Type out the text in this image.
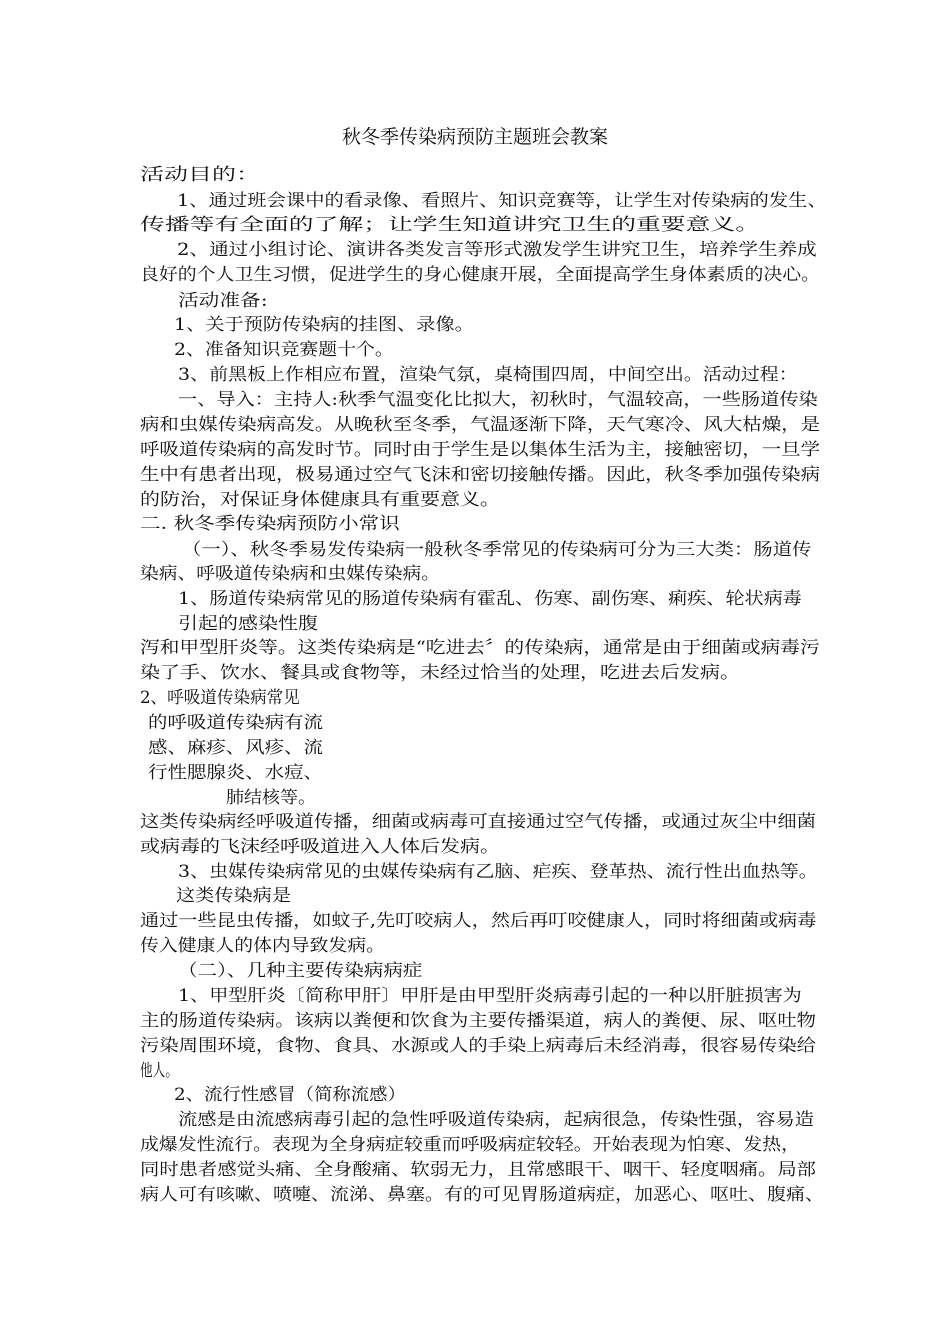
秋冬季传染病预防主题班会教案
活动目的：
1、通过班会课中的看录像、看照片、知识竞赛等，让学生对传染病的发生、
传播等有全面的了解；让学生知道讲究卫生的重要意义。
2、通过小组讨论、演讲各类发言等形式激发学生讲究卫生，培养学生养成
良好的个人卫生习惯，促进学生的身心健康开展，全面提高学生身体素质的决心。
活动准备:
1、关于预防传染病的挂图、录像。
2、准备知识竞赛题十个。
3、前黑板上作相应布置，渲染气氛，桌椅围四周，中间空出。活动过程：
一、导入：主持人:秋季气温变化比拟大，初秋时，气温较高，一些肠道传染
病和虫媒传染病高发。从晚秋至冬季，气温逐渐下降，天气寒冷、风大枯燥，是
呼吸道传染病的高发时节。同时由于学生是以集体生活为主，接触密切，一旦学
生中有患者出现，极易通过空气飞沫和密切接触传播。因此，秋冬季加强传染病
的防治，对保证身体健康具有重要意义。
二. 秋冬季传染病预防小常识
（一）、秋冬季易发传染病一般秋冬季常见的传染病可分为三大类：肠道传
染病、呼吸道传染病和虫媒传染病。
1、肠道传染病常见的肠道传染病有霍乱、伤寒、副伤寒、痢疾、轮状病毒
引起的感染性腹
泻和甲型肝炎等。这类传染病是“吃进去〞的传染病，通常是由于细菌或病毒污
染了手、饮水、餐具或食物等，未经过恰当的处理，吃进去后发病。
2、呼吸道传染病常见
的呼吸道传染病有流
感、麻疹、风疹、流
行性腮腺炎、水痘、
肺结核等。
这类传染病经呼吸道传播，细菌或病毒可直接通过空气传播，或通过灰尘中细菌
或病毒的飞沫经呼吸道进入人体后发病。
3、虫媒传染病常见的虫媒传染病有乙脑、疟疾、登革热、流行性出血热等。
这类传染病是
通过一些昆虫传播，如蚊子,先叮咬病人，然后再叮咬健康人，同时将细菌或病毒
传入健康人的体内导致发病。
（二）、几种主要传染病病症
1、甲型肝炎〔简称甲肝〕甲肝是由甲型肝炎病毒引起的一种以肝脏损害为
主的肠道传染病。该病以粪便和饮食为主要传播渠道，病人的粪便、尿、呕吐物
污染周围环境，食物、食具、水源或人的手染上病毒后未经消毒，很容易传染给
他人。
2、流行性感冒（简称流感）
流感是由流感病毒引起的急性呼吸道传染病，起病很急，传染性强，容易造
成爆发性流行。表现为全身病症较重而呼吸病症较轻。开始表现为怕寒、发热，
同时患者感觉头痛、全身酸痛、软弱无力，且常感眼干、咽干、轻度咽痛。局部
病人可有咳嗽、喷嚏、流涕、鼻塞。有的可见胃肠道病症，加恶心、呕吐、腹痛、
